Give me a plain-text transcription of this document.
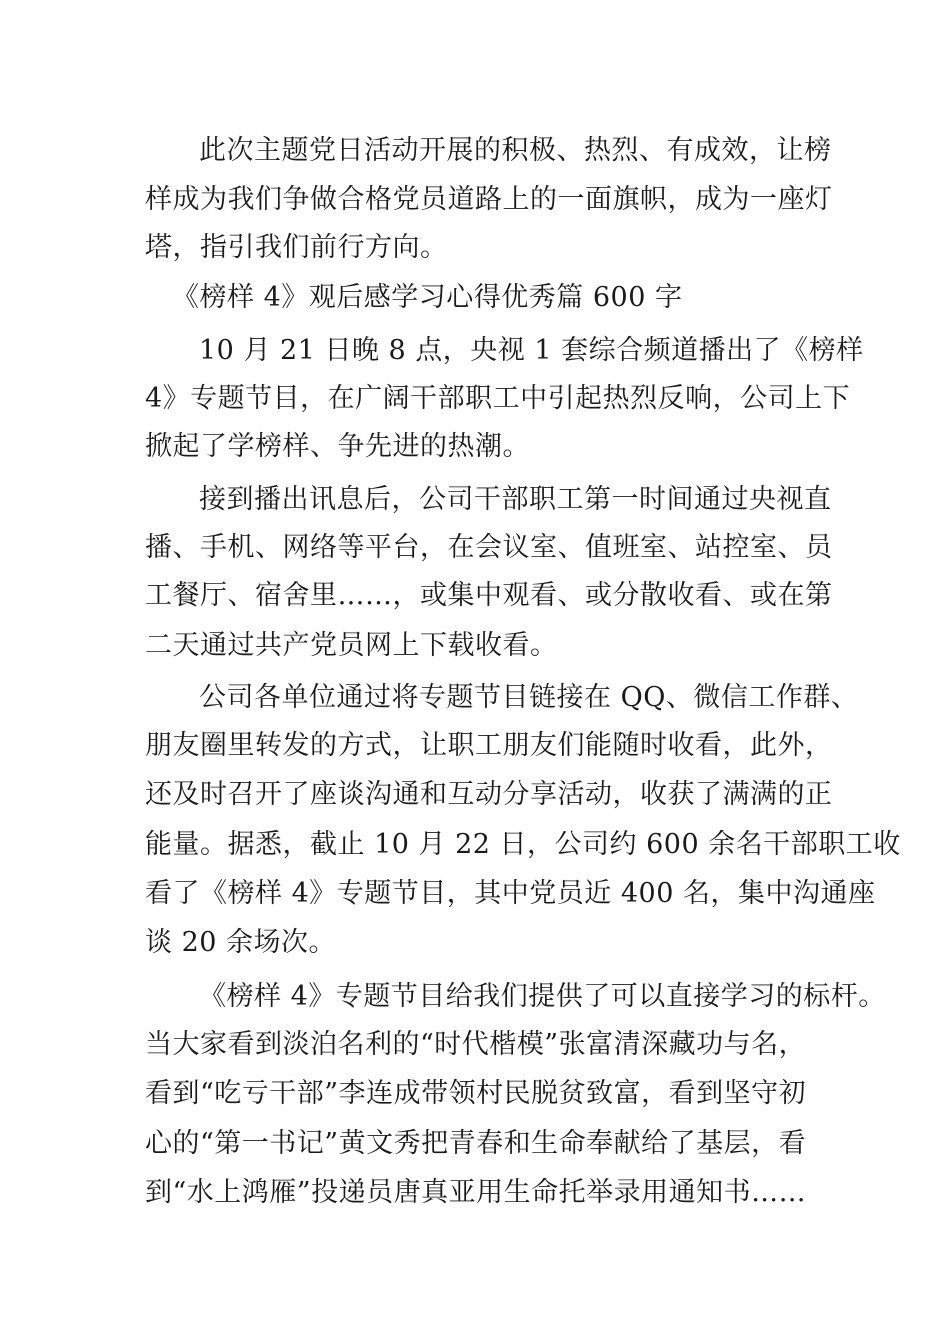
此次主题党日活动开展的积极、热烈、有成效，让榜
样成为我们争做合格党员道路上的一面旗帜，成为一座灯
塔，指引我们前行方向。
《榜样 4》观后感学习心得优秀篇 600 字
10 月 21 日晚 8 点，央视 1 套综合频道播出了《榜样
4》专题节目，在广阔干部职工中引起热烈反响，公司上下
掀起了学榜样、争先进的热潮。
接到播出讯息后，公司干部职工第一时间通过央视直
播、手机、网络等平台，在会议室、值班室、站控室、员
工餐厅、宿舍里……，或集中观看、或分散收看、或在第
二天通过共产党员网上下载收看。
公司各单位通过将专题节目链接在 QQ、微信工作群、
朋友圈里转发的方式，让职工朋友们能随时收看，此外，
还及时召开了座谈沟通和互动分享活动，收获了满满的正
能量。据悉，截止 10 月 22 日，公司约 600 余名干部职工收
看了《榜样 4》专题节目，其中党员近 400 名，集中沟通座
谈 20 余场次。
《榜样 4》专题节目给我们提供了可以直接学习的标杆。
当大家看到淡泊名利的“时代楷模”张富清深藏功与名，
看到“吃亏干部”李连成带领村民脱贫致富，看到坚守初
心的“第一书记”黄文秀把青春和生命奉献给了基层，看
到“水上鸿雁”投递员唐真亚用生命托举录用通知书……
